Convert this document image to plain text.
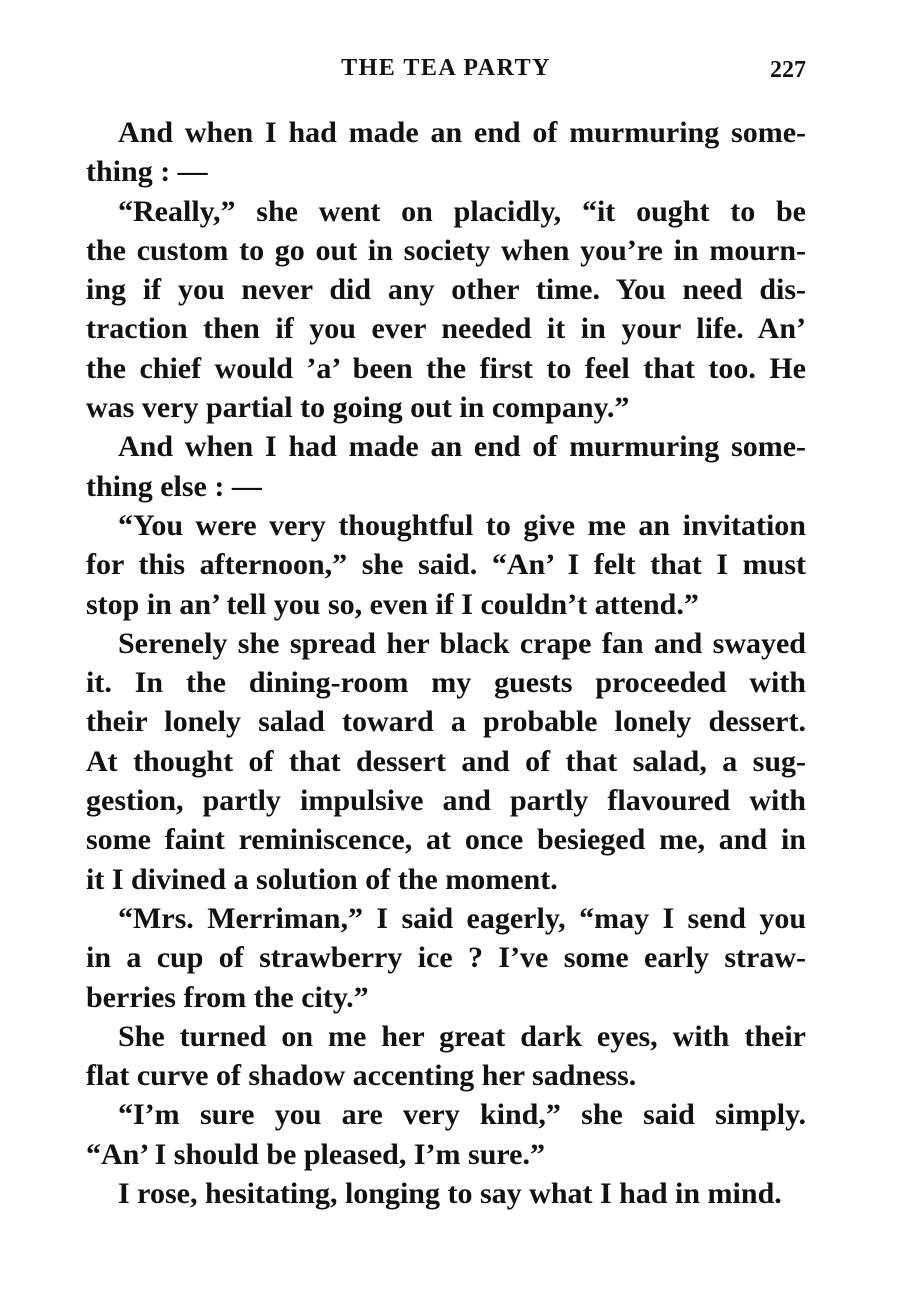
THE TEA PARTY	227
And when I had made an end of murmuring some-
thing : —
“Really,” she went on placidly, “it ought to be
the custom to go out in society when you’re in mourn-
ing if you never did any other time. You need dis-
traction then if you ever needed it in your life. An’
the chief would ’a’ been the first to feel that too. He
was very partial to going out in company.”
And when I had made an end of murmuring some-
thing else : —
“You were very thoughtful to give me an invitation
for this afternoon,” she said. “An’ I felt that I must
stop in an’ tell you so, even if I couldn’t attend.”
Serenely she spread her black crape fan and swayed
it. In the dining-room my guests proceeded with
their lonely salad toward a probable lonely dessert.
At thought of that dessert and of that salad, a sug-
gestion, partly impulsive and partly flavoured with
some faint reminiscence, at once besieged me, and in
it I divined a solution of the moment.
“Mrs. Merriman,” I said eagerly, “may I send you
in a cup of strawberry ice ? I’ve some early straw-
berries from the city.”
She turned on me her great dark eyes, with their
flat curve of shadow accenting her sadness.
“I’m sure you are very kind,” she said simply.
“An’ I should be pleased, I’m sure.”
I rose, hesitating, longing to say what I had in mind.
